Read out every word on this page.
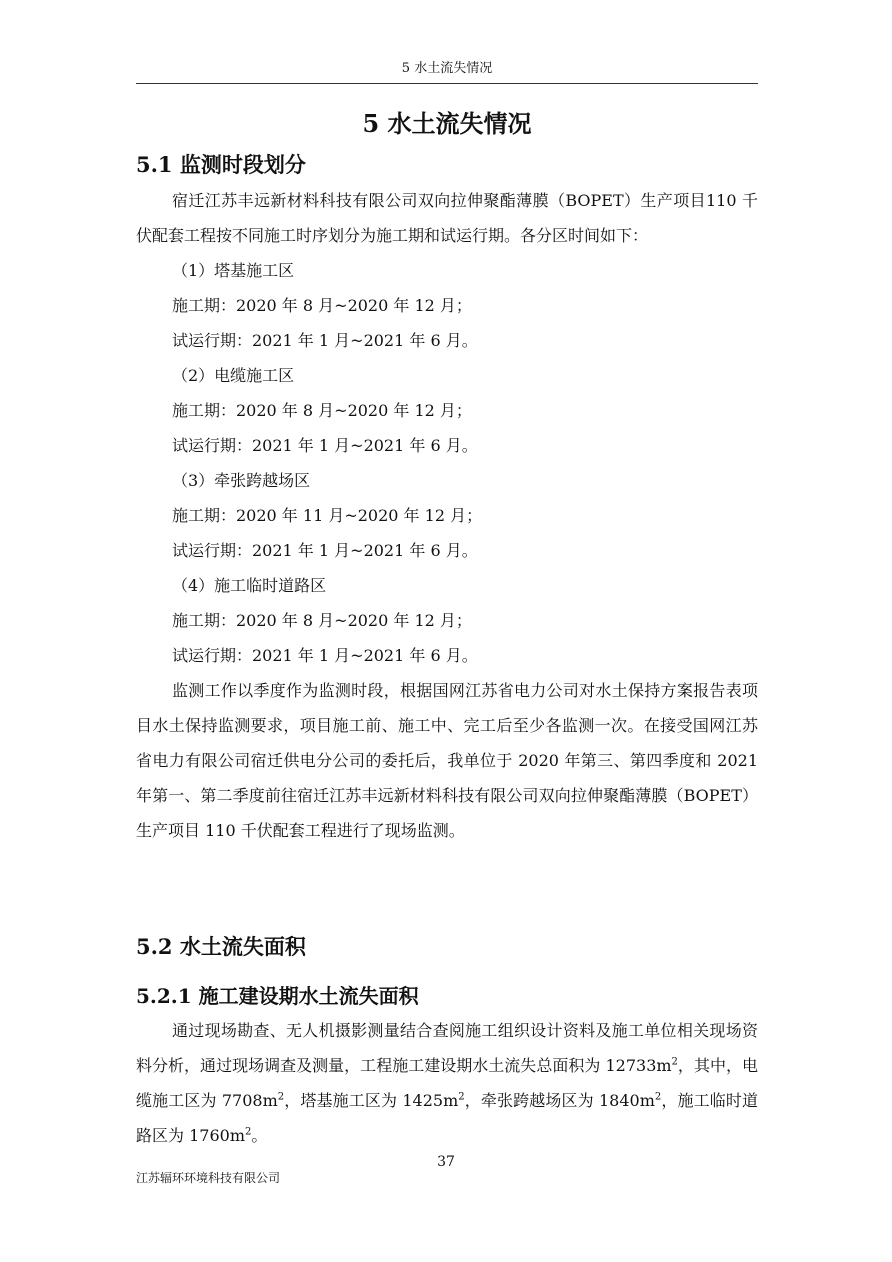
5 水土流失情况
5 水土流失情况
5.1 监测时段划分

宿迁江苏丰远新材料科技有限公司双向拉伸聚酯薄膜（BOPET）生产项目110 千伏配套工程按不同施工时序划分为施工期和试运行期。各分区时间如下：

（1）塔基施工区

施工期：2020 年 8 月~2020 年 12 月；

试运行期：2021 年 1 月~2021 年 6 月。

（2）电缆施工区

施工期：2020 年 8 月~2020 年 12 月；

试运行期：2021 年 1 月~2021 年 6 月。

（3）牵张跨越场区

施工期：2020 年 11 月~2020 年 12 月；

试运行期：2021 年 1 月~2021 年 6 月。

（4）施工临时道路区

施工期：2020 年 8 月~2020 年 12 月；

试运行期：2021 年 1 月~2021 年 6 月。

监测工作以季度作为监测时段，根据国网江苏省电力公司对水土保持方案报告表项目水土保持监测要求，项目施工前、施工中、完工后至少各监测一次。在接受国网江苏省电力有限公司宿迁供电分公司的委托后，我单位于 2020 年第三、第四季度和 2021 年第一、第二季度前往宿迁江苏丰远新材料科技有限公司双向拉伸聚酯薄膜（BOPET）生产项目 110 千伏配套工程进行了现场监测。

5.2 水土流失面积
5.2.1 施工建设期水土流失面积

通过现场勘查、无人机摄影测量结合查阅施工组织设计资料及施工单位相关现场资料分析，通过现场调查及测量，工程施工建设期水土流失总面积为 $12733m^2$，其中，电缆施工区为 $7708m^2$，塔基施工区为 $1425m^2$，牵张跨越场区为 $1840m^2$，施工临时道路区为 $1760m^2$。

37
江苏辐环环境科技有限公司
